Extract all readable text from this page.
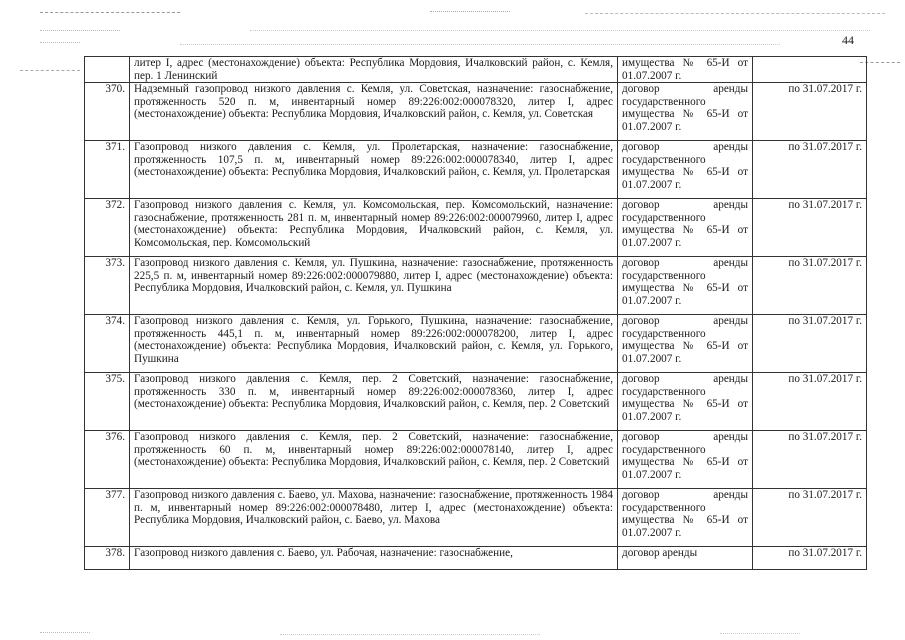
44
	литер I, адрес (местонахождение) объекта: Республика Мордовия, Ичалковский район, с. Кемля, пер. 1 Ленинский	имущества № 65-И от 01.07.2007 г.	
370.	Надземный газопровод низкого давления с. Кемля, ул. Советская, назначение: газоснабжение, протяженность 520 п. м, инвентарный номер 89:226:002:000078320, литер I, адрес (местонахождение) объекта: Республика Мордовия, Ичалковский район, с. Кемля, ул. Советская	договор аренды государственного имущества № 65-И от 01.07.2007 г.	по 31.07.2017 г.
371.	Газопровод низкого давления с. Кемля, ул. Пролетарская, назначение: газоснабжение, протяженность 107,5 п. м, инвентарный номер 89:226:002:000078340, литер I, адрес (местонахождение) объекта: Республика Мордовия, Ичалковский район, с. Кемля, ул. Пролетарская	договор аренды государственного имущества № 65-И от 01.07.2007 г.	по 31.07.2017 г.
372.	Газопровод низкого давления с. Кемля, ул. Комсомольская, пер. Комсомольский, назначение: газоснабжение, протяженность 281 п. м, инвентарный номер 89:226:002:000079960, литер I, адрес (местонахождение) объекта: Республика Мордовия, Ичалковский район, с. Кемля, ул. Комсомольская, пер. Комсомольский	договор аренды государственного имущества № 65-И от 01.07.2007 г.	по 31.07.2017 г.
373.	Газопровод низкого давления с. Кемля, ул. Пушкина, назначение: газоснабжение, протяженность 225,5 п. м, инвентарный номер 89:226:002:000079880, литер I, адрес (местонахождение) объекта: Республика Мордовия, Ичалковский район, с. Кемля, ул. Пушкина	договор аренды государственного имущества № 65-И от 01.07.2007 г.	по 31.07.2017 г.
374.	Газопровод низкого давления с. Кемля, ул. Горького, Пушкина, назначение: газоснабжение, протяженность 445,1 п. м, инвентарный номер 89:226:002:000078200, литер I, адрес (местонахождение) объекта: Республика Мордовия, Ичалковский район, с. Кемля, ул. Горького, Пушкина	договор аренды государственного имущества № 65-И от 01.07.2007 г.	по 31.07.2017 г.
375.	Газопровод низкого давления с. Кемля, пер. 2 Советский, назначение: газоснабжение, протяженность 330 п. м, инвентарный номер 89:226:002:000078360, литер I, адрес (местонахождение) объекта: Республика Мордовия, Ичалковский район, с. Кемля, пер. 2 Советский	договор аренды государственного имущества № 65-И от 01.07.2007 г.	по 31.07.2017 г.
376.	Газопровод низкого давления с. Кемля, пер. 2 Советский, назначение: газоснабжение, протяженность 60 п. м, инвентарный номер 89:226:002:000078140, литер I, адрес (местонахождение) объекта: Республика Мордовия, Ичалковский район, с. Кемля, пер. 2 Советский	договор аренды государственного имущества № 65-И от 01.07.2007 г.	по 31.07.2017 г.
377.	Газопровод низкого давления с. Баево, ул. Махова, назначение: газоснабжение, протяженность 1984 п. м, инвентарный номер 89:226:002:000078480, литер I, адрес (местонахождение) объекта: Республика Мордовия, Ичалковский район, с. Баево, ул. Махова	договор аренды государственного имущества № 65-И от 01.07.2007 г.	по 31.07.2017 г.
378.	Газопровод низкого давления с. Баево, ул. Рабочая, назначение: газоснабжение,	договор аренды	по 31.07.2017 г.
